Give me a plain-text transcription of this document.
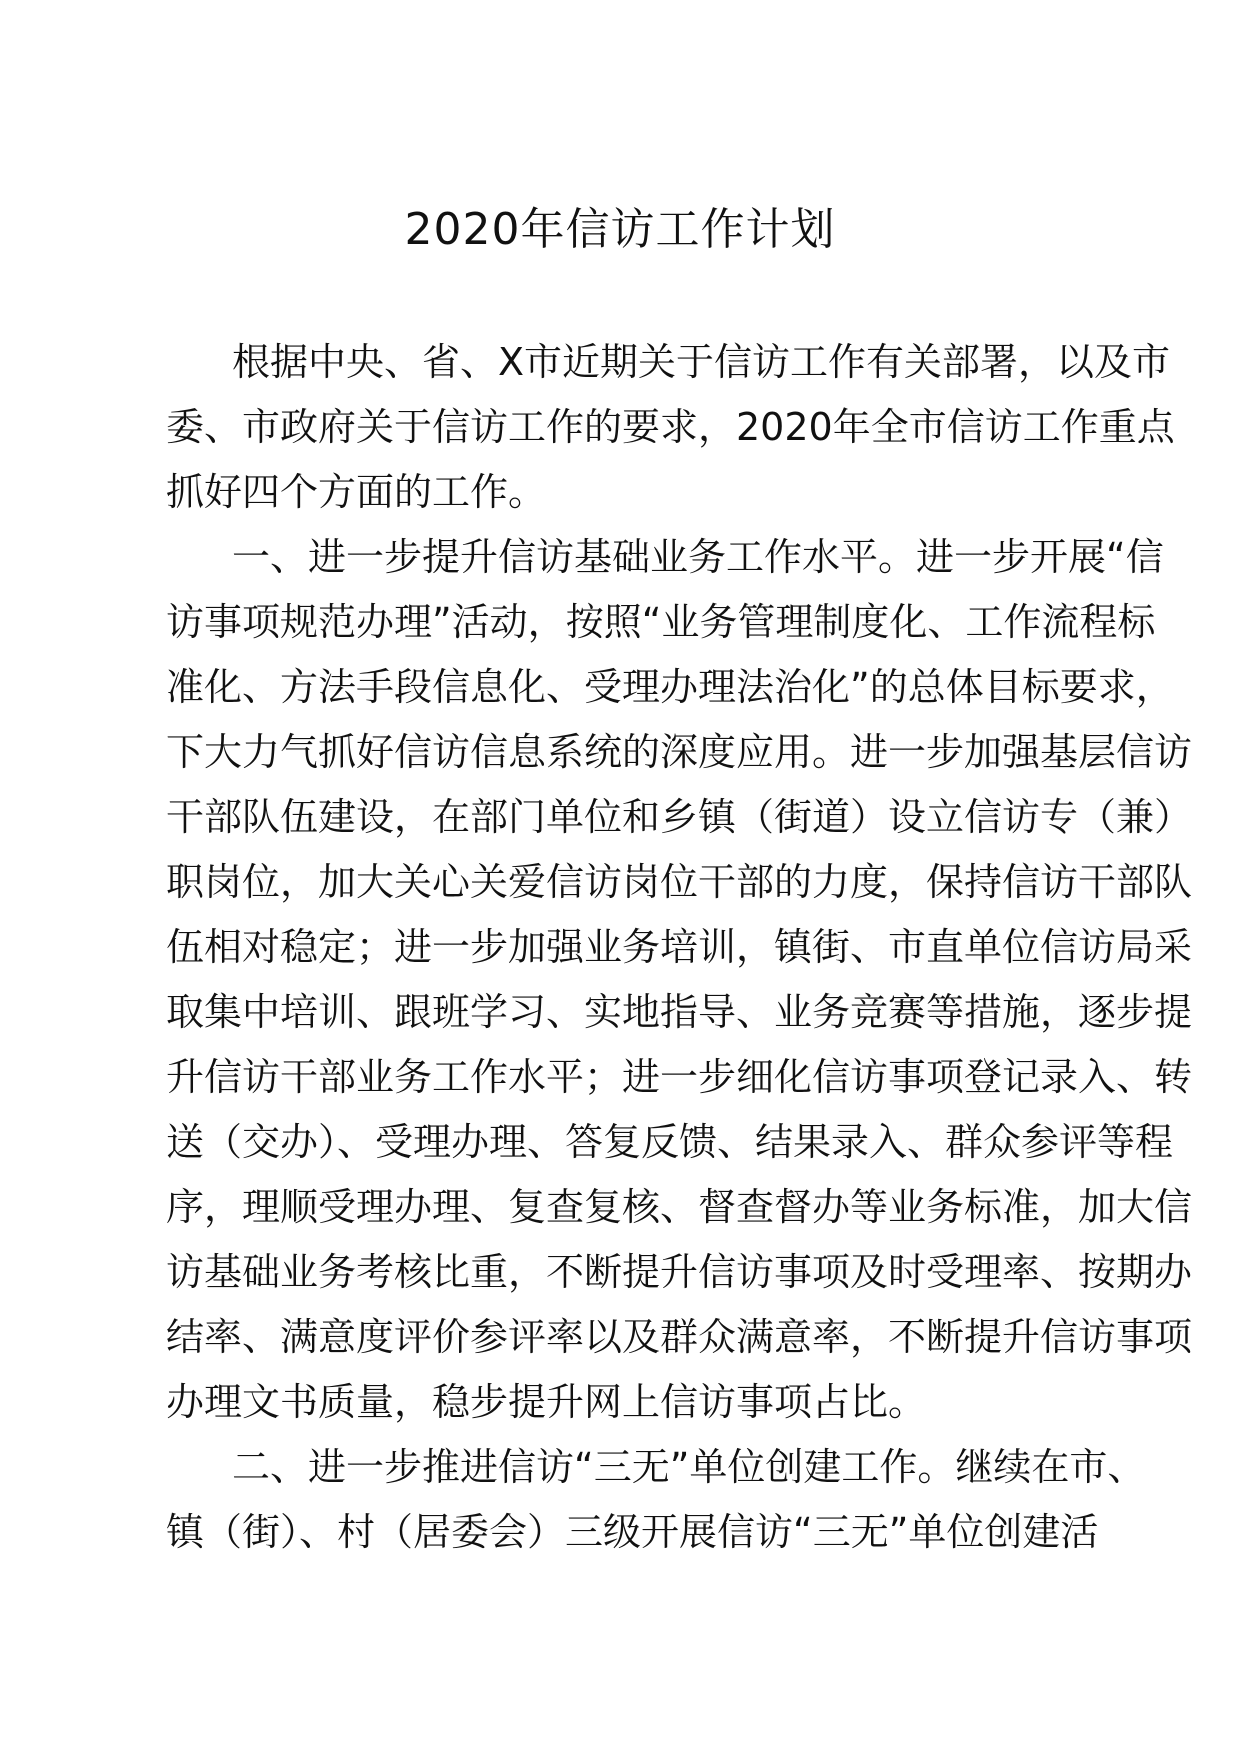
2020年信访工作计划
根据中央、省、X市近期关于信访工作有关部署，以及市
委、市政府关于信访工作的要求，2020年全市信访工作重点
抓好四个方面的工作。
一、进一步提升信访基础业务工作水平。进一步开展“信
访事项规范办理”活动，按照“业务管理制度化、工作流程标
准化、方法手段信息化、受理办理法治化”的总体目标要求，
下大力气抓好信访信息系统的深度应用。进一步加强基层信访
干部队伍建设，在部门单位和乡镇（街道）设立信访专（兼）
职岗位，加大关心关爱信访岗位干部的力度，保持信访干部队
伍相对稳定；进一步加强业务培训，镇街、市直单位信访局采
取集中培训、跟班学习、实地指导、业务竞赛等措施，逐步提
升信访干部业务工作水平；进一步细化信访事项登记录入、转
送（交办）、受理办理、答复反馈、结果录入、群众参评等程
序，理顺受理办理、复查复核、督查督办等业务标准，加大信
访基础业务考核比重，不断提升信访事项及时受理率、按期办
结率、满意度评价参评率以及群众满意率，不断提升信访事项
办理文书质量，稳步提升网上信访事项占比。
二、进一步推进信访“三无”单位创建工作。继续在市、
镇（街）、村（居委会）三级开展信访“三无”单位创建活
